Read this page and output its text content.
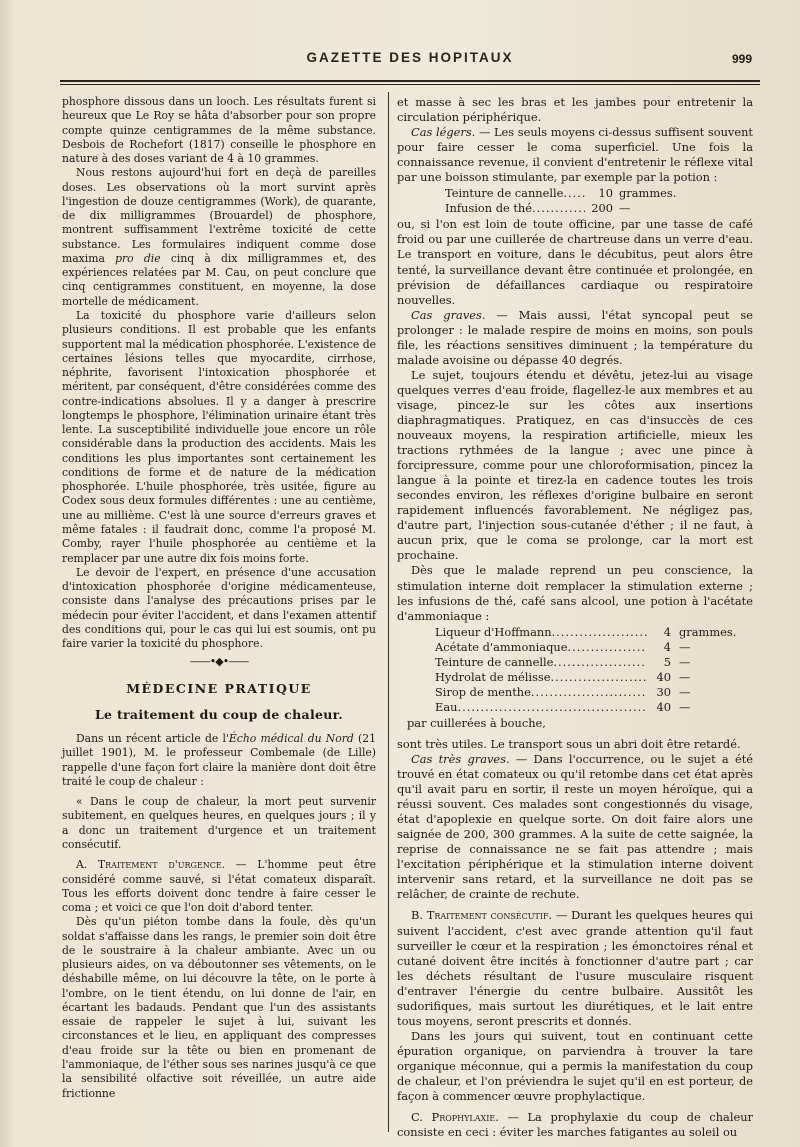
GAZETTE DES HOPITAUX	999

phosphore dissous dans un looch. Les résultats furent si heureux que Le Roy se hâta d'absorber pour son propre compte quinze centigrammes de la même substance. Desbois de Rochefort (1817) conseille le phosphore en nature à des doses variant de 4 à 10 grammes.

Nous restons aujourd'hui fort en deçà de pareilles doses. Les observations où la mort survint après l'ingestion de douze centigrammes (Work), de quarante, de dix milligrammes (Brouardel) de phosphore, montrent suffisamment l'extrême toxicité de cette substance. Les formulaires indiquent comme dose maxima pro die cinq à dix milligrammes et, des expériences relatées par M. Cau, on peut conclure que cinq centigrammes constituent, en moyenne, la dose mortelle de médicament.

La toxicité du phosphore varie d'ailleurs selon plusieurs conditions. Il est probable que les enfants supportent mal la médication phosphorée. L'existence de certaines lésions telles que myocardite, cirrhose, néphrite, favorisent l'intoxication phosphorée et méritent, par conséquent, d'être considérées comme des contre-indications absolues. Il y a danger à prescrire longtemps le phosphore, l'élimination urinaire étant très lente. La susceptibilité individuelle joue encore un rôle considérable dans la production des accidents. Mais les conditions les plus importantes sont certainement les conditions de forme et de nature de la médication phosphorée. L'huile phosphorée, très usitée, figure au Codex sous deux formules différentes : une au centième, une au millième. C'est là une source d'erreurs graves et même fatales : il faudrait donc, comme l'a proposé M. Comby, rayer l'huile phosphorée au centième et la remplacer par une autre dix fois moins forte.

Le devoir de l'expert, en présence d'une accusation d'intoxication phosphorée d'origine médicamenteuse, consiste dans l'analyse des précautions prises par le médecin pour éviter l'accident, et dans l'examen attentif des conditions qui, pour le cas qui lui est soumis, ont pu faire varier la toxicité du phosphore.

——•◆•——
MÉDECINE PRATIQUE
Le traitement du coup de chaleur.

Dans un récent article de l'Écho médical du Nord (21 juillet 1901), M. le professeur Combemale (de Lille) rappelle d'une façon fort claire la manière dont doit être traité le coup de chaleur :

« Dans le coup de chaleur, la mort peut survenir subitement, en quelques heures, en quelques jours ; il y a donc un traitement d'urgence et un traitement consécutif.

A. Traitement d'urgence. — L'homme peut être considéré comme sauvé, si l'état comateux disparaît. Tous les efforts doivent donc tendre à faire cesser le coma ; et voici ce que l'on doit d'abord tenter.

Dès qu'un piéton tombe dans la foule, dès qu'un soldat s'affaisse dans les rangs, le premier soin doit être de le soustraire à la chaleur ambiante. Avec un ou plusieurs aides, on va déboutonner ses vêtements, on le déshabille même, on lui découvre la tête, on le porte à l'ombre, on le tient étendu, on lui donne de l'air, en écartant les badauds. Pendant que l'un des assistants essaie de rappeler le sujet à lui, suivant les circonstances et le lieu, en appliquant des compresses d'eau froide sur la tête ou bien en promenant de l'ammoniaque, de l'éther sous ses narines jusqu'à ce que la sensibilité olfactive soit réveillée, un autre aide frictionne

et masse à sec les bras et les jambes pour entretenir la circulation périphérique.

Cas légers. — Les seuls moyens ci-dessus suffisent souvent pour faire cesser le coma superficiel. Une fois la connaissance revenue, il convient d'entretenir le réflexe vital par une boisson stimulante, par exemple par la potion :

Teinture de cannelle .....	10 grammes.
Infusion de thé .....	200 —

ou, si l'on est loin de toute officine, par une tasse de café froid ou par une cuillerée de chartreuse dans un verre d'eau. Le transport en voiture, dans le décubitus, peut alors être tenté, la surveillance devant être continuée et prolongée, en prévision de défaillances cardiaque ou respiratoire nouvelles.

Cas graves. — Mais aussi, l'état syncopal peut se prolonger : le malade respire de moins en moins, son pouls file, les réactions sensitives diminuent ; la température du malade avoisine ou dépasse 40 degrés.

Le sujet, toujours étendu et dévêtu, jetez-lui au visage quelques verres d'eau froide, flagellez-le aux membres et au visage, pincez-le sur les côtes aux insertions diaphragmatiques. Pratiquez, en cas d'insuccès de ces nouveaux moyens, la respiration artificielle, mieux les tractions rythmées de la langue ; avec une pince à forcipressure, comme pour une chloroformisation, pincez la langue à la pointe et tirez-la en cadence toutes les trois secondes environ, les réflexes d'origine bulbaire en seront rapidement influencés favorablement. Ne négligez pas, d'autre part, l'injection sous-cutanée d'éther ; il ne faut, à aucun prix, que le coma se prolonge, car la mort est prochaine.

Dès que le malade reprend un peu conscience, la stimulation interne doit remplacer la stimulation externe ; les infusions de thé, café sans alcool, une potion à l'acétate d'ammoniaque :

Liqueur d'Hoffmann .....	4 grammes.
Acétate d'ammoniaque .....	4 —
Teinture de cannelle .....	5 —
Hydrolat de mélisse .....	40 —
Sirop de menthe .....	30 —
Eau .....	40 —

par cuillerées à bouche,

sont très utiles. Le transport sous un abri doit être retardé.

Cas très graves. — Dans l'occurrence, ou le sujet a été trouvé en état comateux ou qu'il retombe dans cet état après qu'il avait paru en sortir, il reste un moyen héroïque, qui a réussi souvent. Ces malades sont congestionnés du visage, état d'apoplexie en quelque sorte. On doit faire alors une saignée de 200, 300 grammes. A la suite de cette saignée, la reprise de connaissance ne se fait pas attendre ; mais l'excitation périphérique et la stimulation interne doivent intervenir sans retard, et la surveillance ne doit pas se relâcher, de crainte de rechute.

B. Traitement consécutif. — Durant les quelques heures qui suivent l'accident, c'est avec grande attention qu'il faut surveiller le cœur et la respiration ; les émonctoires rénal et cutané doivent être incités à fonctionner d'autre part ; car les déchets résultant de l'usure musculaire risquent d'entraver l'énergie du centre bulbaire. Aussitôt les sudorifiques, mais surtout les diurétiques, et le lait entre tous moyens, seront prescrits et donnés.

Dans les jours qui suivent, tout en continuant cette épuration organique, on parviendra à trouver la tare organique méconnue, qui a permis la manifestation du coup de chaleur, et l'on préviendra le sujet qu'il en est porteur, de façon à commencer œuvre prophylactique.

C. Prophylaxie. — La prophylaxie du coup de chaleur consiste en ceci : éviter les marches fatigantes au soleil ou
